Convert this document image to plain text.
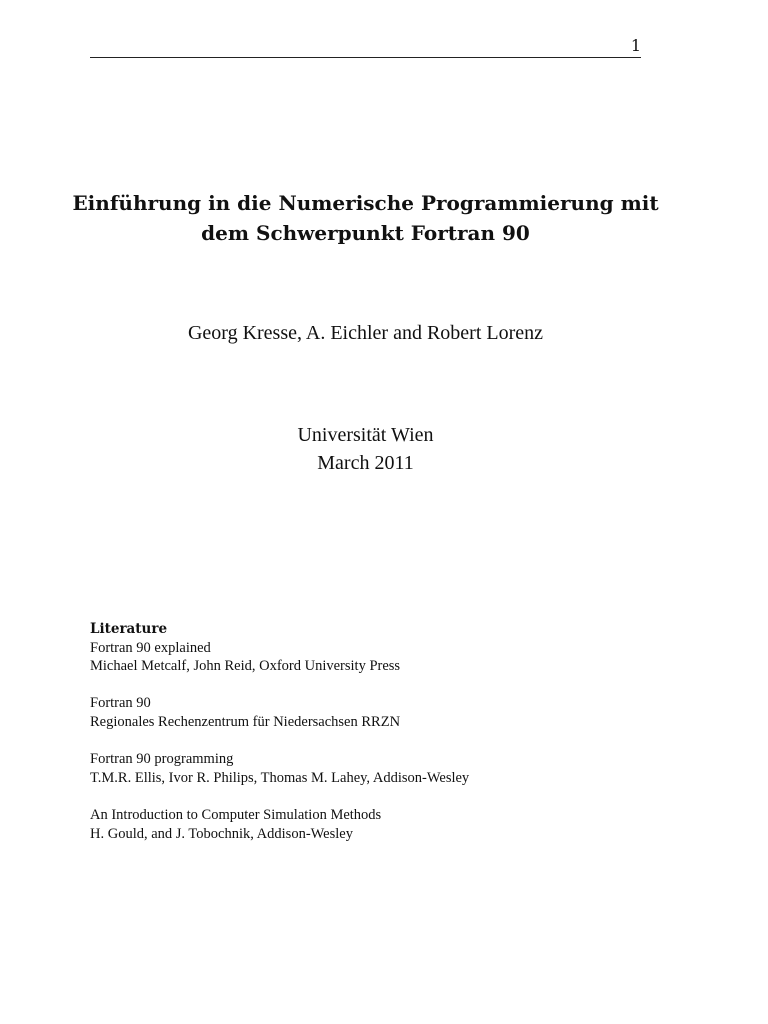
1
Einführung in die Numerische Programmierung mit
dem Schwerpunkt Fortran 90
Georg Kresse, A. Eichler and Robert Lorenz
Universität Wien
March 2011
Literature
Fortran 90 explained
Michael Metcalf, John Reid, Oxford University Press
Fortran 90
Regionales Rechenzentrum für Niedersachsen RRZN
Fortran 90 programming
T.M.R. Ellis, Ivor R. Philips, Thomas M. Lahey, Addison-Wesley
An Introduction to Computer Simulation Methods
H. Gould, and J. Tobochnik, Addison-Wesley
